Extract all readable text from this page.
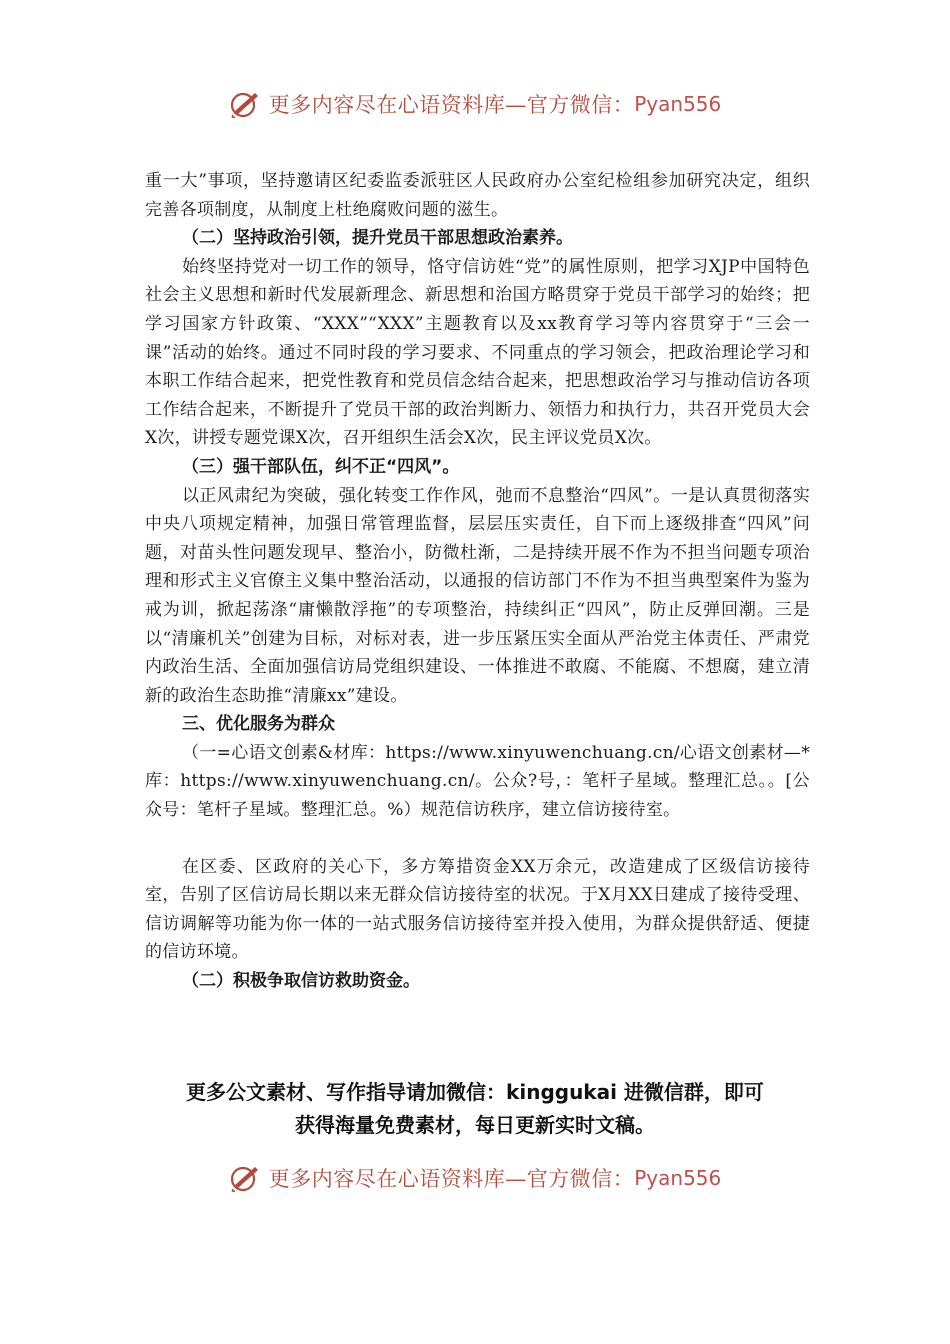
更多内容尽在心语资料库—官方微信： Pyan556

重一大”事项，坚持邀请区纪委监委派驻区人民政府办公室纪检组参加研究决定，组织完善各项制度，从制度上杜绝腐败问题的滋生。

（二）坚持政治引领，提升党员干部思想政治素养。

始终坚持党对一切工作的领导，恪守信访姓“党”的属性原则，把学习XJP中国特色社会主义思想和新时代发展新理念、新思想和治国方略贯穿于党员干部学习的始终；把学习国家方针政策、“XXX”“XXX”主题教育以及xx教育学习等内容贯穿于“三会一课”活动的始终。通过不同时段的学习要求、不同重点的学习领会，把政治理论学习和本职工作结合起来，把党性教育和党员信念结合起来，把思想政治学习与推动信访各项工作结合起来，不断提升了党员干部的政治判断力、领悟力和执行力，共召开党员大会X次，讲授专题党课X次，召开组织生活会X次，民主评议党员X次。

（三）强干部队伍，纠不正“四风”。

以正风肃纪为突破，强化转变工作作风，弛而不息整治“四风”。一是认真贯彻落实中央八项规定精神，加强日常管理监督，层层压实责任，自下而上逐级排查“四风”问题，对苗头性问题发现早、整治小，防微杜渐，二是持续开展不作为不担当问题专项治理和形式主义官僚主义集中整治活动，以通报的信访部门不作为不担当典型案件为鉴为戒为训，掀起荡涤“庸懒散浮拖”的专项整治，持续纠正“四风”，防止反弹回潮。三是以“清廉机关”创建为目标，对标对表，进一步压紧压实全面从严治党主体责任、严肃党内政治生活、全面加强信访局党组织建设、一体推进不敢腐、不能腐、不想腐，建立清新的政治生态助推“清廉xx”建设。

三、优化服务为群众

（一=心语文创素&材库：https://www.xinyuwenchuang.cn/心语文创素材—*库：https://www.xinyuwenchuang.cn/。公众?号，：笔杆子星域。整理汇总。。[公众号：笔杆子星域。整理汇总。%）规范信访秩序，建立信访接待室。

在区委、区政府的关心下，多方筹措资金XX万余元，改造建成了区级信访接待室，告别了区信访局长期以来无群众信访接待室的状况。于X月XX日建成了接待受理、信访调解等功能为你一体的一站式服务信访接待室并投入使用，为群众提供舒适、便捷的信访环境。

（二）积极争取信访救助资金。

更多公文素材、写作指导请加微信：kinggukai 进微信群，即可
获得海量免费素材，每日更新实时文稿。
更多内容尽在心语资料库—官方微信： Pyan556
